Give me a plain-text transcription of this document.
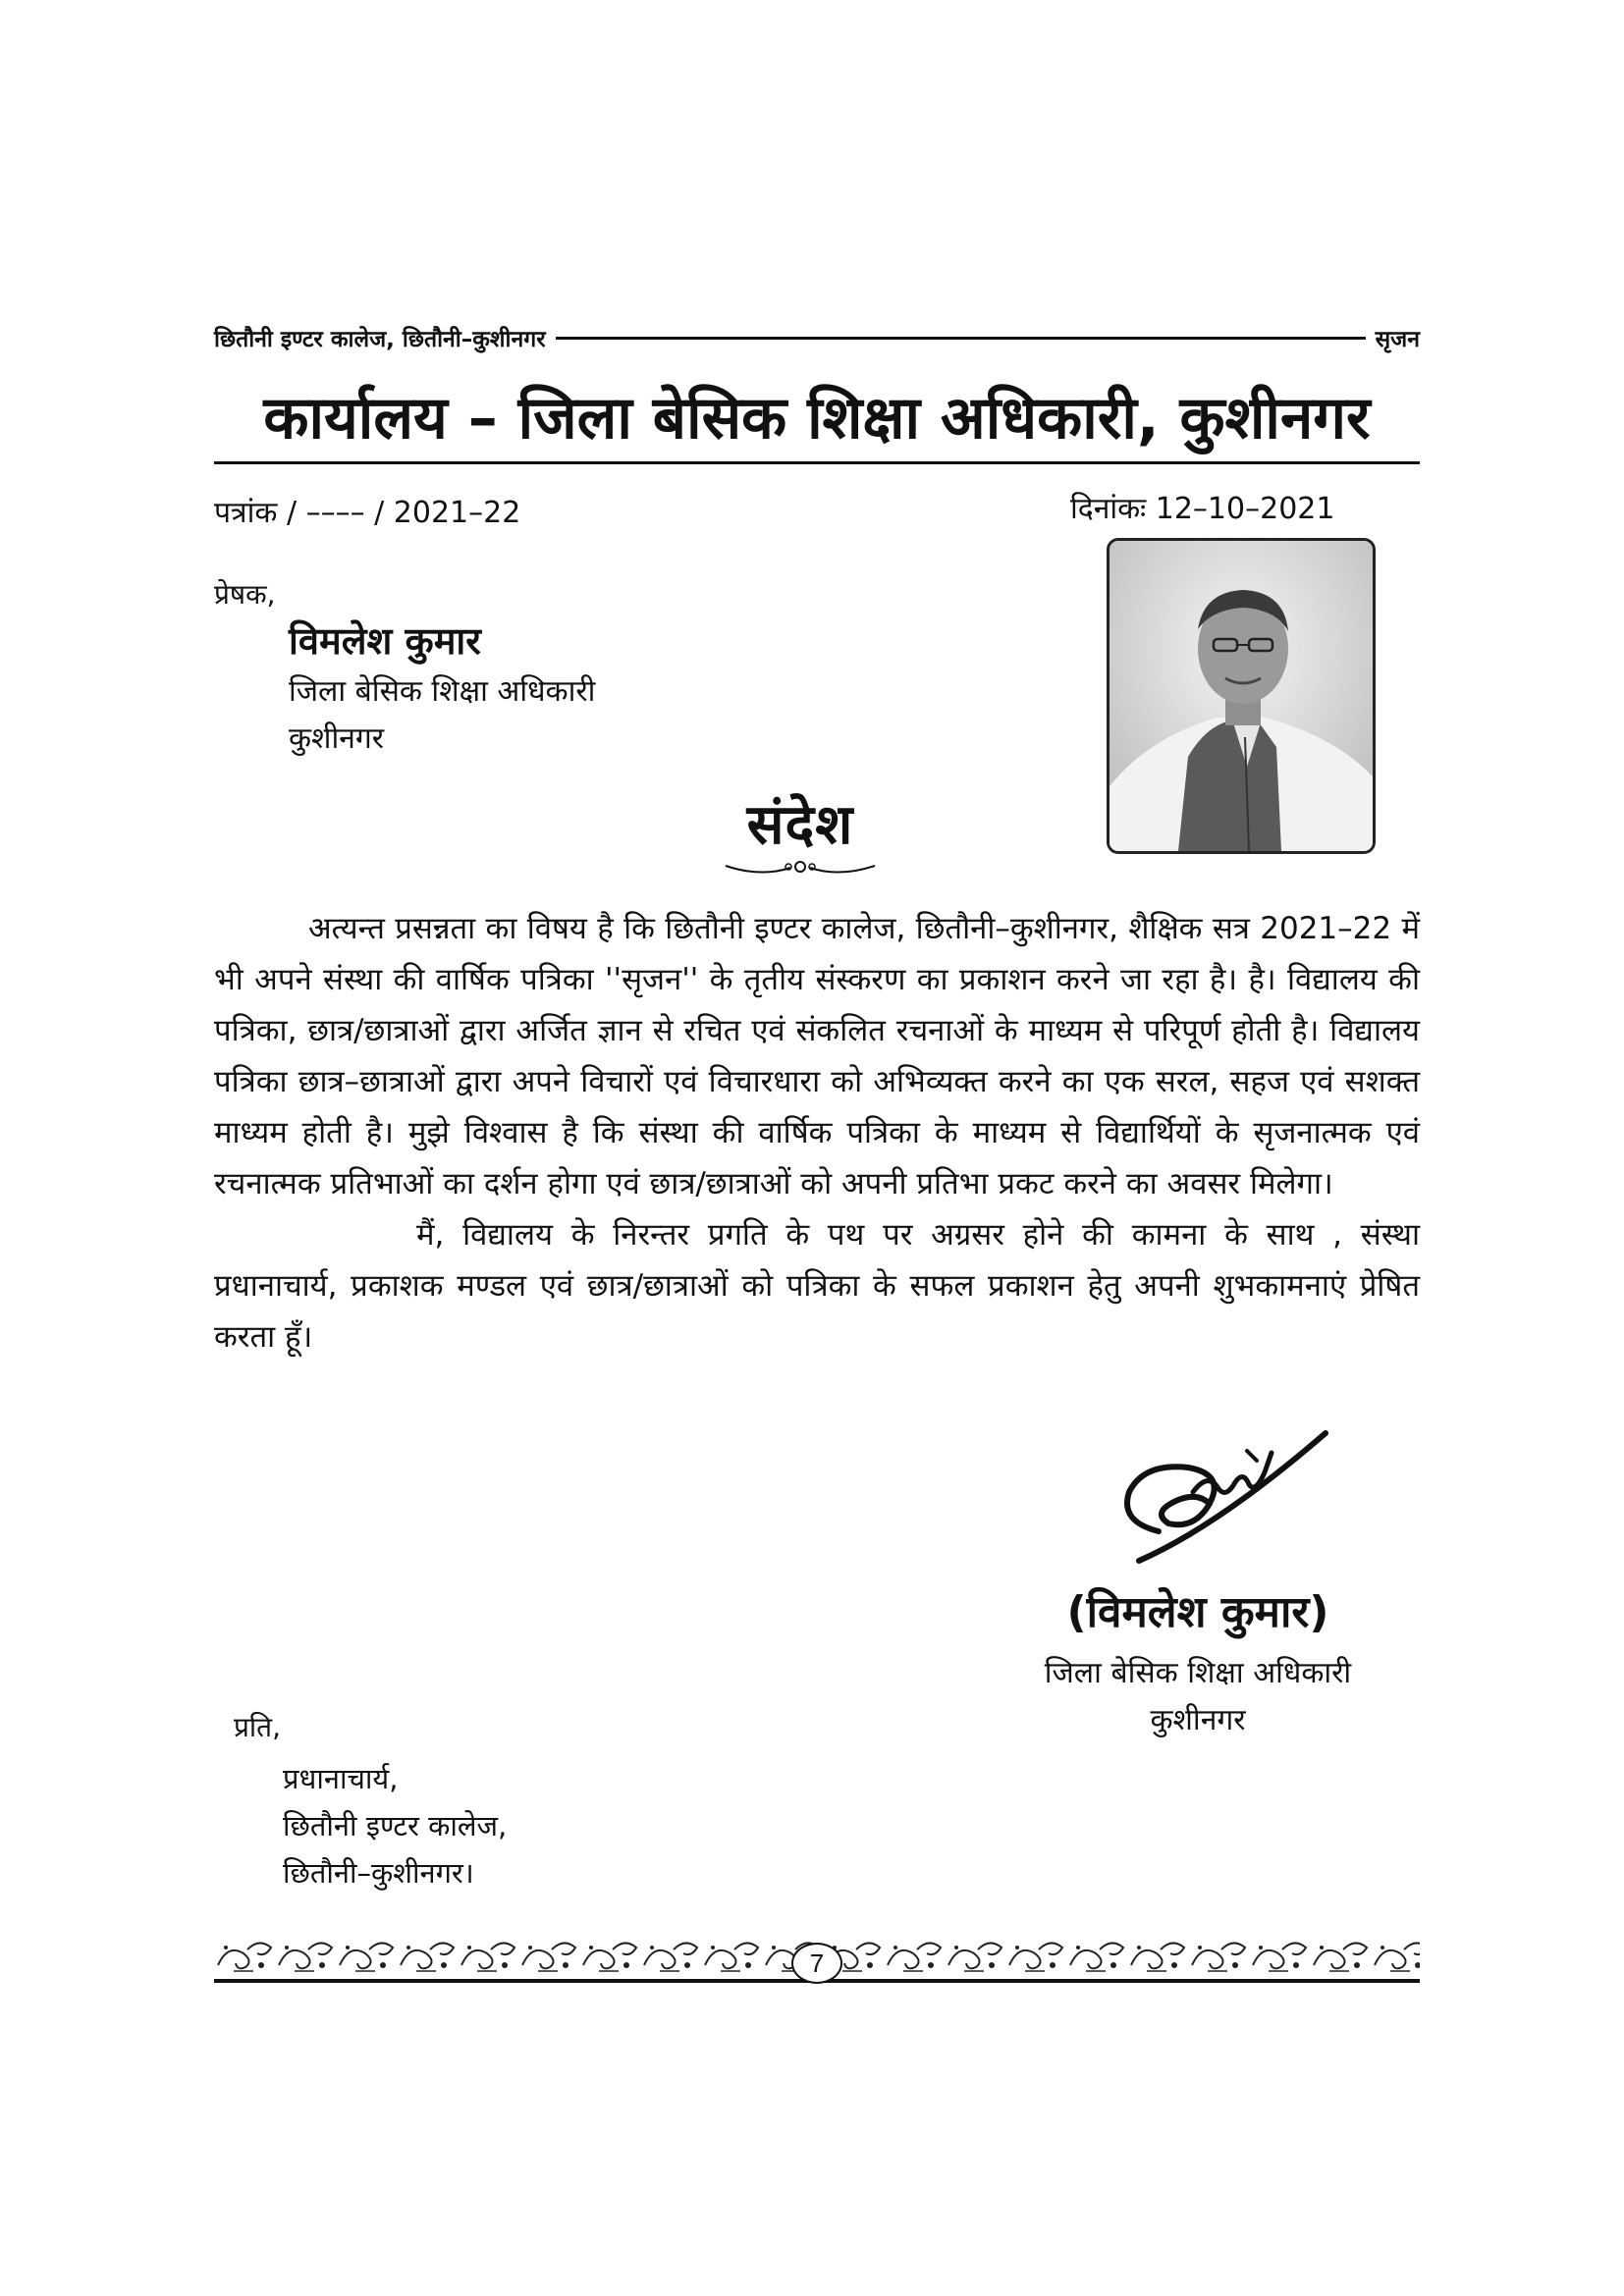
छितौनी इण्टर कालेज, छितौनी–कुशीनगर	सृजन
कार्यालय – जिला बेसिक शिक्षा अधिकारी, कुशीनगर
पत्रांक / –––– / 2021–22	दिनांकः 12–10–2021
प्रेषक,
विमलेश कुमार
जिला बेसिक शिक्षा अधिकारी
कुशीनगर
संदेश

अत्यन्त प्रसन्नता का विषय है कि छितौनी इण्टर कालेज, छितौनी–कुशीनगर, शैक्षिक सत्र 2021–22 में भी अपने संस्था की वार्षिक पत्रिका ''सृजन'' के तृतीय संस्करण का प्रकाशन करने जा रहा है। है। विद्यालय की पत्रिका, छात्र/छात्राओं द्वारा अर्जित ज्ञान से रचित एवं संकलित रचनाओं के माध्यम से परिपूर्ण होती है। विद्यालय पत्रिका छात्र–छात्राओं द्वारा अपने विचारों एवं विचारधारा को अभिव्यक्त करने का एक सरल, सहज एवं सशक्त माध्यम होती है। मुझे विश्वास है कि संस्था की वार्षिक पत्रिका के माध्यम से विद्यार्थियों के सृजनात्मक एवं रचनात्मक प्रतिभाओं का दर्शन होगा एवं छात्र/छात्राओं को अपनी प्रतिभा प्रकट करने का अवसर मिलेगा।

मैं, विद्यालय के निरन्तर प्रगति के पथ पर अग्रसर होने की कामना के साथ , संस्था प्रधानाचार्य, प्रकाशक मण्डल एवं छात्र/छात्राओं को पत्रिका के सफल प्रकाशन हेतु अपनी शुभकामनाएं प्रेषित करता हूँ।

(विमलेश कुमार)
जिला बेसिक शिक्षा अधिकारी
कुशीनगर
प्रति,
प्रधानाचार्य,
छितौनी इण्टर कालेज,
छितौनी–कुशीनगर।
7
